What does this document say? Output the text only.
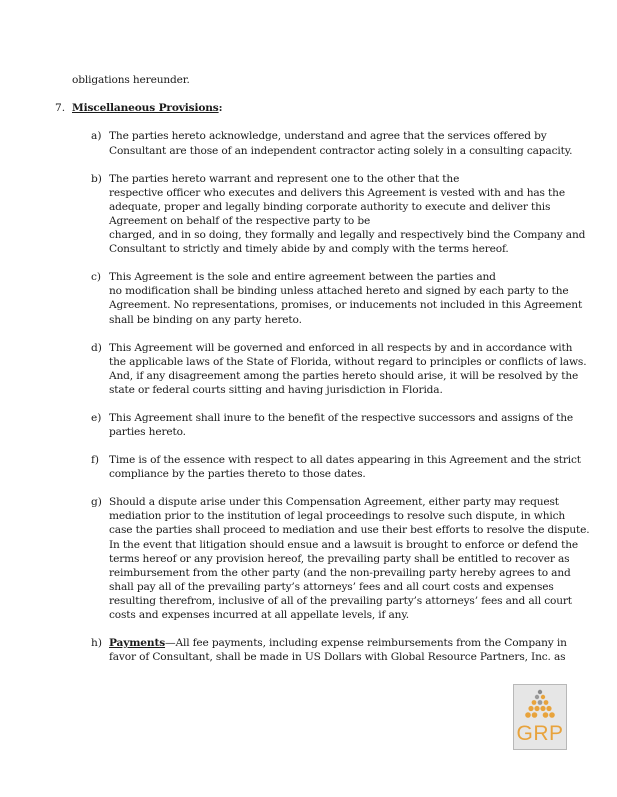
obligations hereunder.
7. Miscellaneous Provisions:
a) The parties hereto acknowledge, understand and agree that the services offered by
Consultant are those of an independent contractor acting solely in a consulting capacity.
b) The parties hereto warrant and represent one to the other that the
respective officer who executes and delivers this Agreement is vested with and has the
adequate, proper and legally binding corporate authority to execute and deliver this
Agreement on behalf of the respective party to be
charged, and in so doing, they formally and legally and respectively bind the Company and
Consultant to strictly and timely abide by and comply with the terms hereof.
c) This Agreement is the sole and entire agreement between the parties and
no modification shall be binding unless attached hereto and signed by each party to the
Agreement. No representations, promises, or inducements not included in this Agreement
shall be binding on any party hereto.
d) This Agreement will be governed and enforced in all respects by and in accordance with
the applicable laws of the State of Florida, without regard to principles or conflicts of laws.
And, if any disagreement among the parties hereto should arise, it will be resolved by the
state or federal courts sitting and having jurisdiction in Florida.
e) This Agreement shall inure to the benefit of the respective successors and assigns of the
parties hereto.
f) Time is of the essence with respect to all dates appearing in this Agreement and the strict
compliance by the parties thereto to those dates.
g) Should a dispute arise under this Compensation Agreement, either party may request
mediation prior to the institution of legal proceedings to resolve such dispute, in which
case the parties shall proceed to mediation and use their best efforts to resolve the dispute.
In the event that litigation should ensue and a lawsuit is brought to enforce or defend the
terms hereof or any provision hereof, the prevailing party shall be entitled to recover as
reimbursement from the other party (and the non-prevailing party hereby agrees to and
shall pay all of the prevailing party’s attorneys’ fees and all court costs and expenses
resulting therefrom, inclusive of all of the prevailing party’s attorneys’ fees and all court
costs and expenses incurred at all appellate levels, if any.
h) Payments—All fee payments, including expense reimbursements from the Company in
favor of Consultant, shall be made in US Dollars with Global Resource Partners, Inc. as
GRP
